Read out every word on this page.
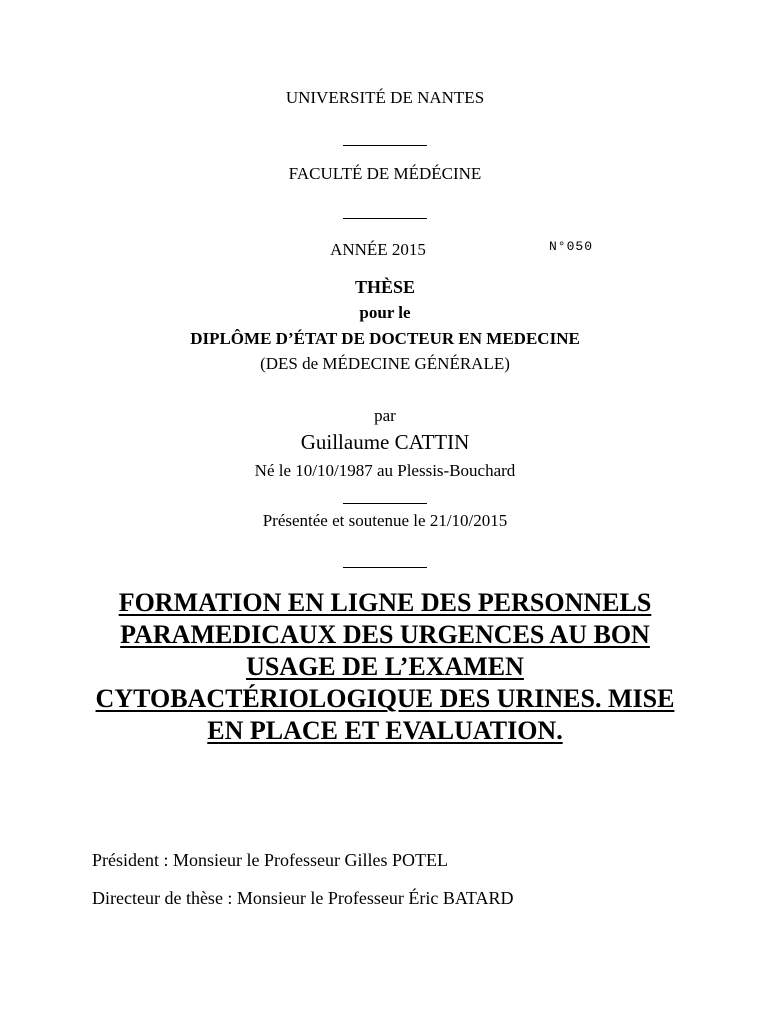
UNIVERSITÉ DE NANTES
FACULTÉ DE MÉDÉCINE
ANNÉE 2015	N°050
THÈSE
pour le
DIPLÔME D’ÉTAT DE DOCTEUR EN MEDECINE
(DES de MÉDECINE GÉNÉRALE)
par
Guillaume CATTIN
Né le 10/10/1987 au Plessis-Bouchard
Présentée et soutenue le 21/10/2015
FORMATION EN LIGNE DES PERSONNELS
PARAMEDICAUX DES URGENCES AU BON
USAGE DE L’EXAMEN
CYTOBACTÉRIOLOGIQUE DES URINES. MISE
EN PLACE ET EVALUATION.
Président : Monsieur le Professeur Gilles POTEL
Directeur de thèse : Monsieur le Professeur Éric BATARD
